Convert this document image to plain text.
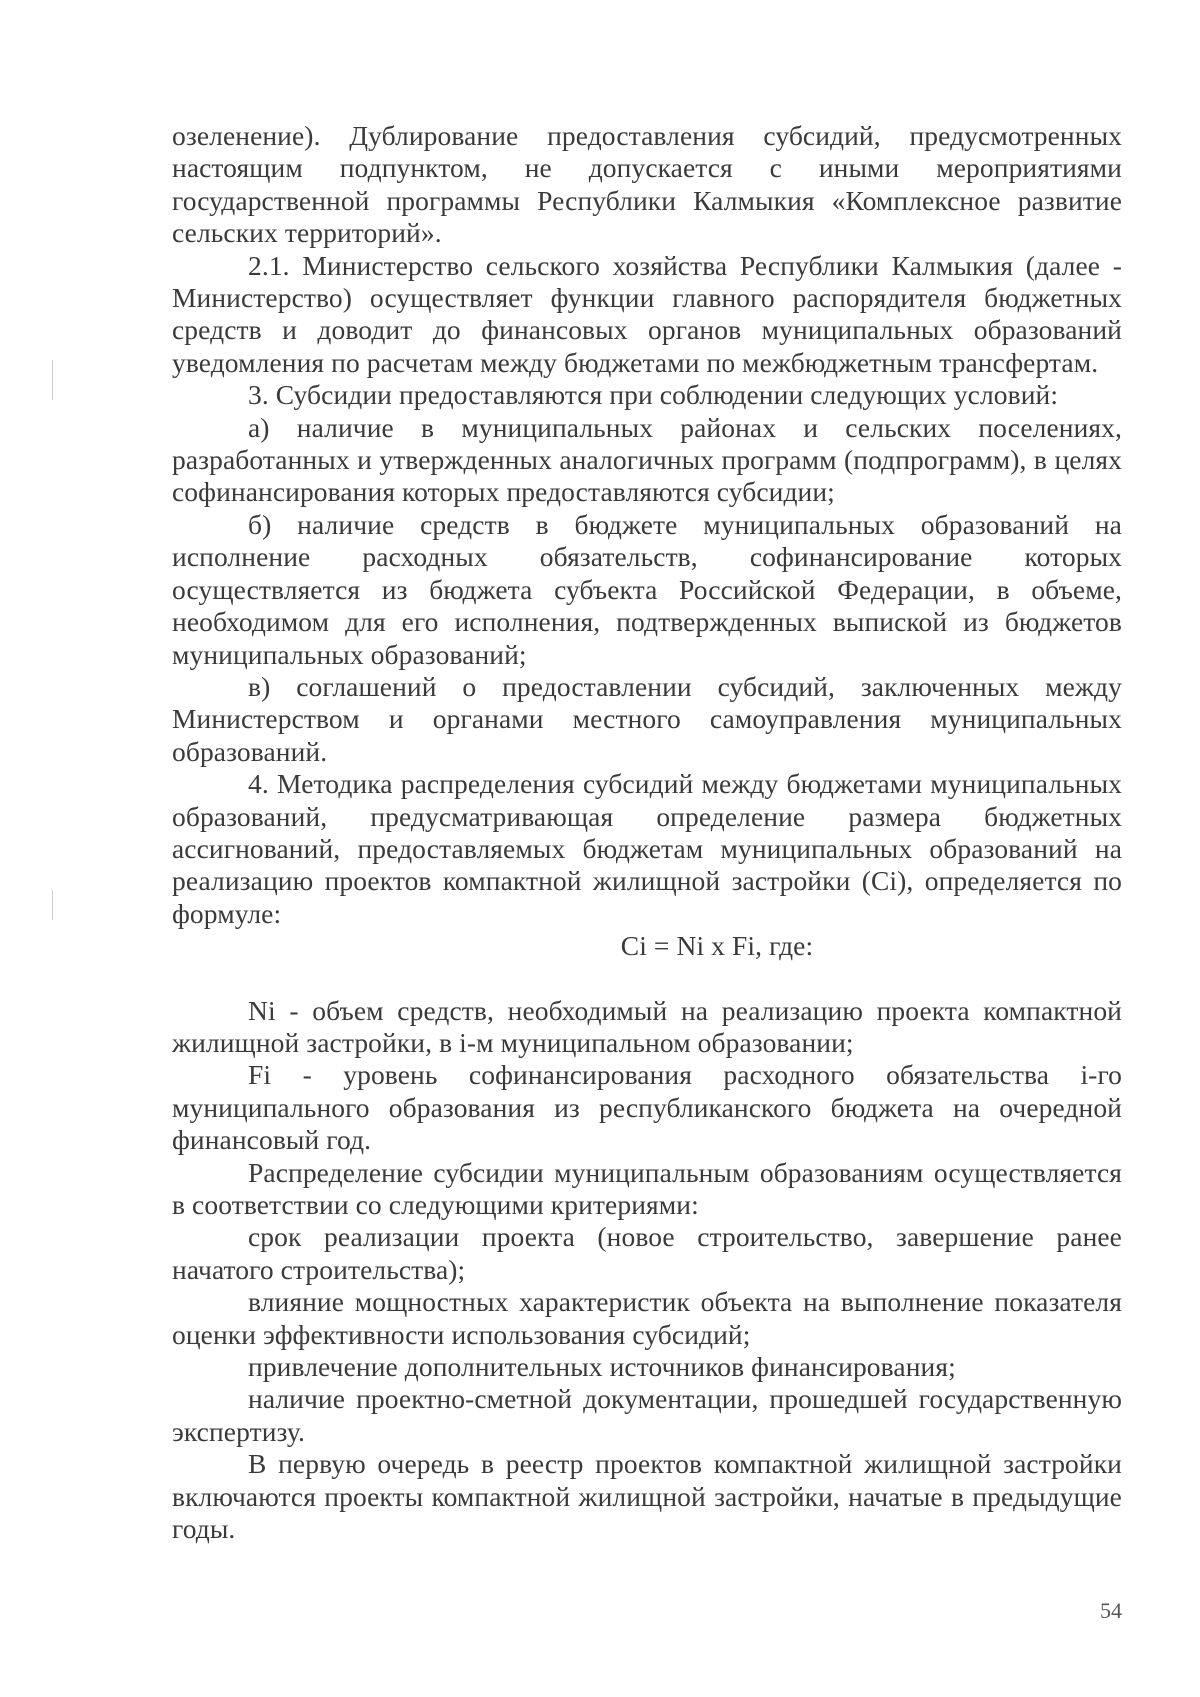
озеленение). Дублирование предоставления субсидий, предусмотренных настоящим подпунктом, не допускается с иными мероприятиями государственной программы Республики Калмыкия «Комплексное развитие сельских территорий».

2.1. Министерство сельского хозяйства Республики Калмыкия (далее - Министерство) осуществляет функции главного распорядителя бюджетных средств и доводит до финансовых органов муниципальных образований уведомления по расчетам между бюджетами по межбюджетным трансфертам.

3. Субсидии предоставляются при соблюдении следующих условий:

а) наличие в муниципальных районах и сельских поселениях, разработанных и утвержденных аналогичных программ (подпрограмм), в целях софинансирования которых предоставляются субсидии;

б) наличие средств в бюджете муниципальных образований на исполнение расходных обязательств, софинансирование которых осуществляется из бюджета субъекта Российской Федерации, в объеме, необходимом для его исполнения, подтвержденных выпиской из бюджетов муниципальных образований;

в) соглашений о предоставлении субсидий, заключенных между Министерством и органами местного самоуправления муниципальных образований.

4. Методика распределения субсидий между бюджетами муниципальных образований, предусматривающая определение размера бюджетных ассигнований, предоставляемых бюджетам муниципальных образований на реализацию проектов компактной жилищной застройки (Ci), определяется по формуле:

Ci = Ni x Fi, где:

Ni - объем средств, необходимый на реализацию проекта компактной жилищной застройки, в i-м муниципальном образовании;

Fi - уровень софинансирования расходного обязательства i-го муниципального образования из республиканского бюджета на очередной финансовый год.

Распределение субсидии муниципальным образованиям осуществляется в соответствии со следующими критериями:

срок реализации проекта (новое строительство, завершение ранее начатого строительства);

влияние мощностных характеристик объекта на выполнение показателя оценки эффективности использования субсидий;

привлечение дополнительных источников финансирования;

наличие проектно-сметной документации, прошедшей государственную экспертизу.

В первую очередь в реестр проектов компактной жилищной застройки включаются проекты компактной жилищной застройки, начатые в предыдущие годы.

54
